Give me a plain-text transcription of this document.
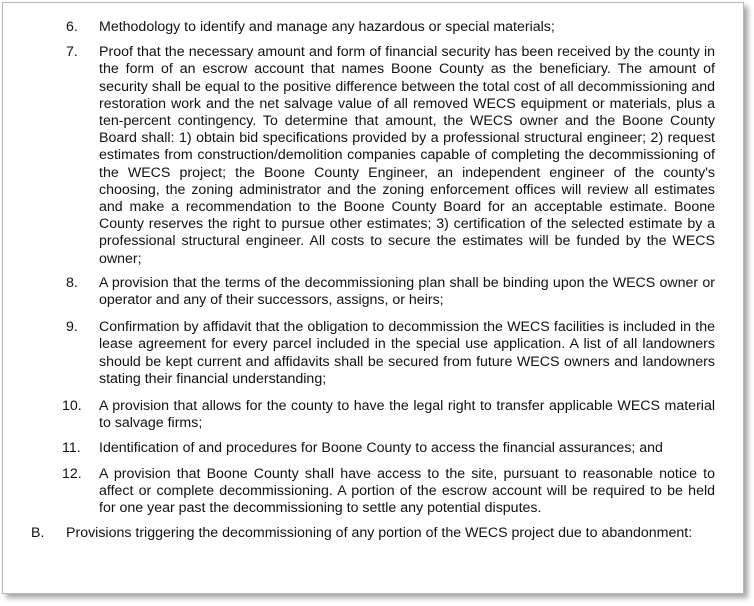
6. Methodology to identify and manage any hazardous or special materials;
7. Proof that the necessary amount and form of financial security has been received by the county in the form of an escrow account that names Boone County as the beneficiary. The amount of security shall be equal to the positive difference between the total cost of all decommissioning and restoration work and the net salvage value of all removed WECS equipment or materials, plus a ten-percent contingency. To determine that amount, the WECS owner and the Boone County Board shall: 1) obtain bid specifications provided by a professional structural engineer; 2) request estimates from construction/demolition companies capable of completing the decommissioning of the WECS project; the Boone County Engineer, an independent engineer of the county's choosing, the zoning administrator and the zoning enforcement offices will review all estimates and make a recommendation to the Boone County Board for an acceptable estimate. Boone County reserves the right to pursue other estimates; 3) certification of the selected estimate by a professional structural engineer. All costs to secure the estimates will be funded by the WECS owner;
8. A provision that the terms of the decommissioning plan shall be binding upon the WECS owner or operator and any of their successors, assigns, or heirs;
9. Confirmation by affidavit that the obligation to decommission the WECS facilities is included in the lease agreement for every parcel included in the special use application. A list of all landowners should be kept current and affidavits shall be secured from future WECS owners and landowners stating their financial understanding;
10. A provision that allows for the county to have the legal right to transfer applicable WECS material to salvage firms;
11. Identification of and procedures for Boone County to access the financial assurances; and
12. A provision that Boone County shall have access to the site, pursuant to reasonable notice to affect or complete decommissioning. A portion of the escrow account will be required to be held for one year past the decommissioning to settle any potential disputes.
B. Provisions triggering the decommissioning of any portion of the WECS project due to abandonment:
